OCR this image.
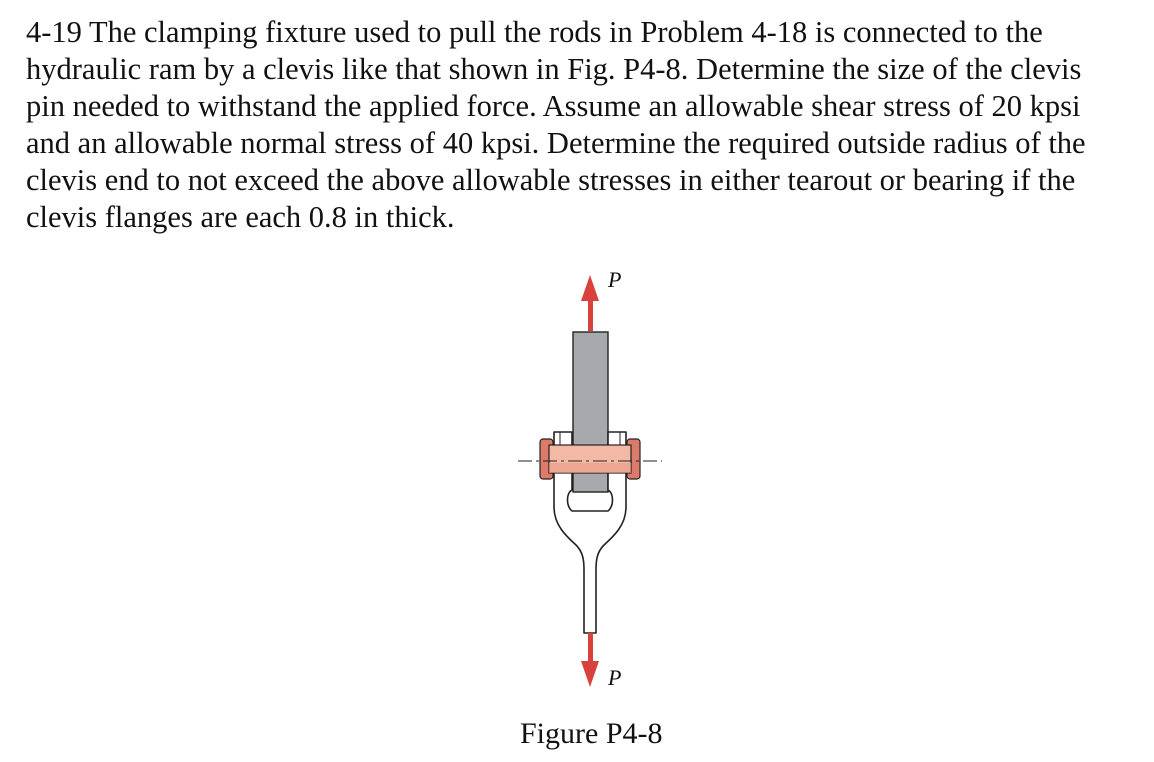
4-19 The clamping fixture used to pull the rods in Problem 4-18 is connected to the
hydraulic ram by a clevis like that shown in Fig. P4-8. Determine the size of the clevis
pin needed to withstand the applied force. Assume an allowable shear stress of 20 kpsi
and an allowable normal stress of 40 kpsi. Determine the required outside radius of the
clevis end to not exceed the above allowable stresses in either tearout or bearing if the
clevis flanges are each 0.8 in thick.
P
P
Figure P4-8
